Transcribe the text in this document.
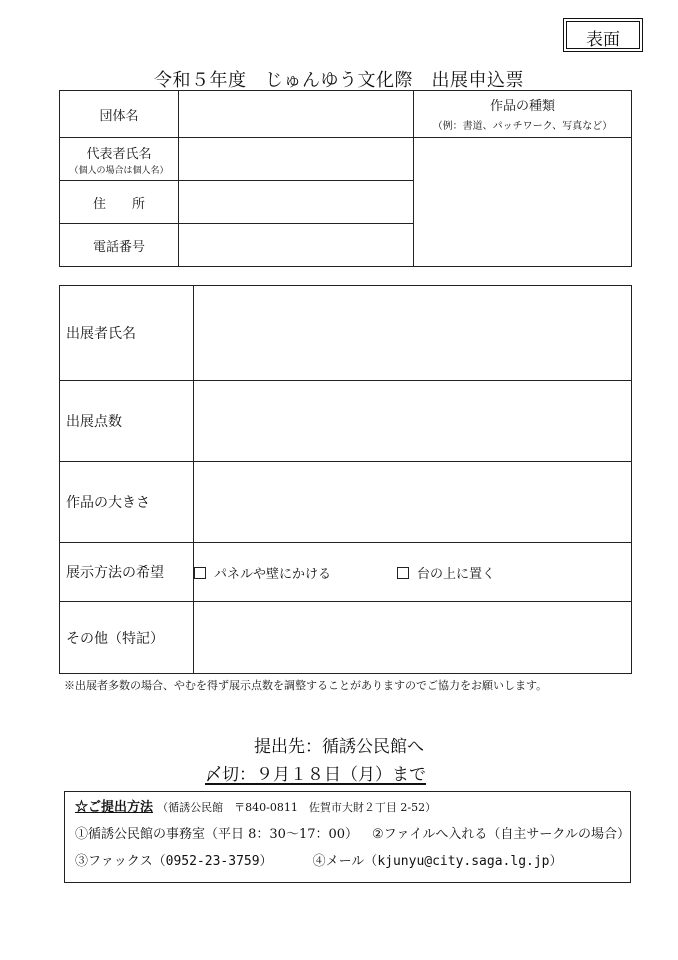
表面
令和５年度　じゅんゆう文化際　出展申込票
団体名		作品の種類
（例：書道、パッチワーク、写真など）

代表者氏名
（個人の場合は個人名）		

住　　所		
電話番号		
出展者氏名	
出展点数	
作品の大きさ	
展示方法の希望	パネルや壁にかける 台の上に置く
その他（特記）	
※出展者多数の場合、やむを得ず展示点数を調整することがありますのでご協力をお願いします。
提出先：循誘公民館へ
〆切：９月１８日（月）まで
☆ご提出方法 （循誘公民館　〒840-0811　佐賀市大財２丁目 2-52）
①循誘公民館の事務室（平日 8：30～17：00） ②ファイルへ入れる（自主サークルの場合）
③ファックス（0952-23-3759）	④メール（kjunyu@city.saga.lg.jp）
